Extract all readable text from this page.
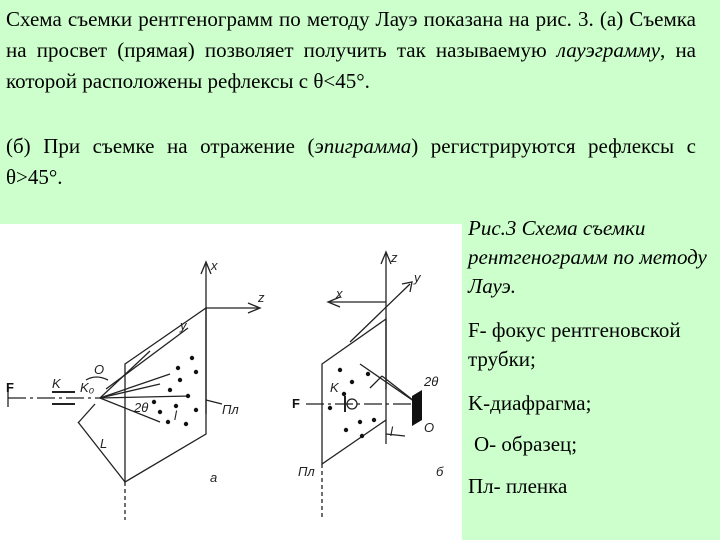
Схема съемки рентгенограмм по методу Лауэ показана на рис. 3. (а) Съемка на просвет (прямая) позволяет получить так называемую лауэграмму, на которой расположены рефлексы с θ<45°.

(б) При съемке на отражение (эпиграмма) регистрируются рефлексы с θ>45°.

x
z
y
F	K K₀
O
2θ
l
L
Пл
а
z
y
x
F
K
O
2θ
l
Пл	б

Рис.3 Схема съемки рентгенограмм по методу Лауэ.

F- фокус рентгеновской трубки;

K-диафрагма;

O- образец;

Пл- пленка
